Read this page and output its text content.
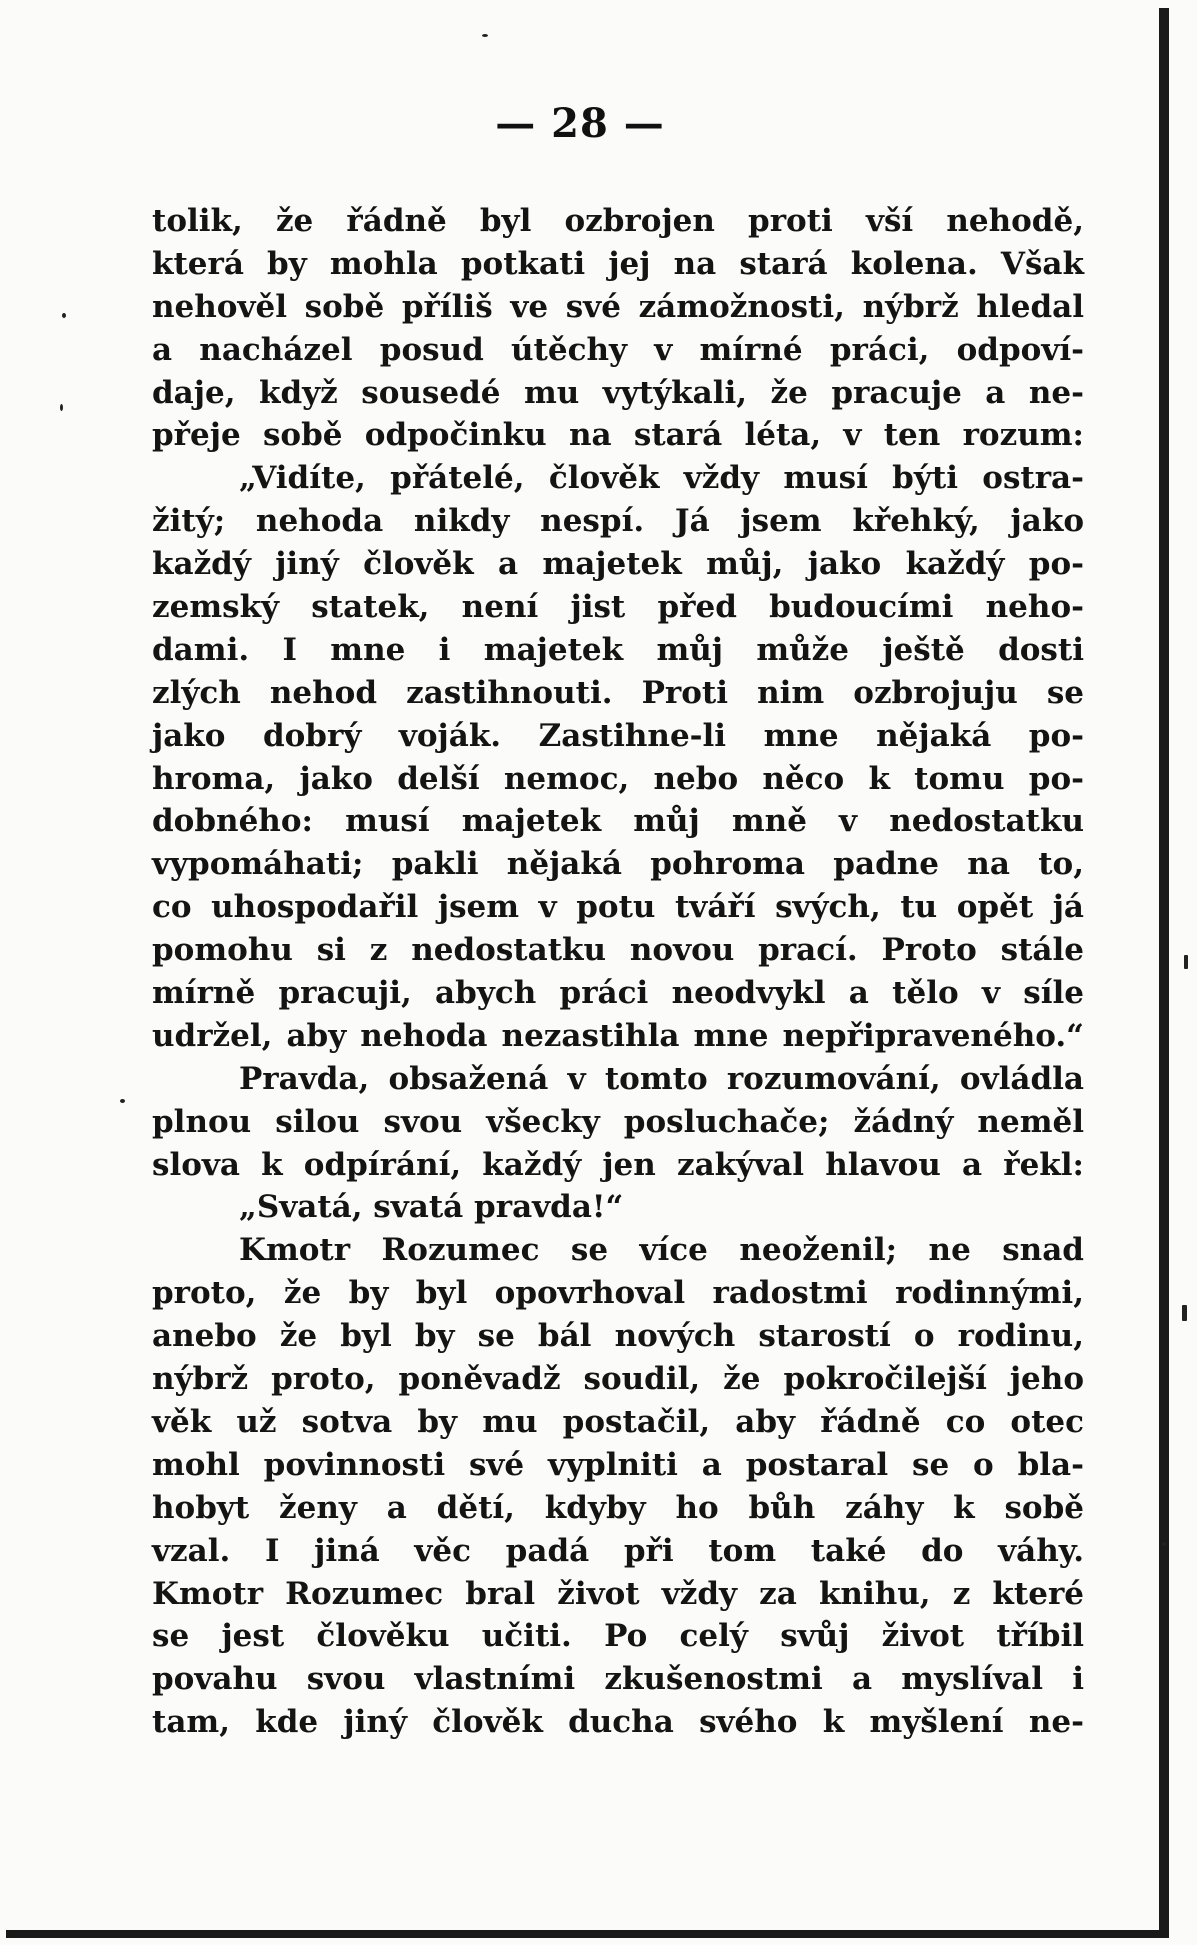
— 28 —
tolik, že řádně byl ozbrojen proti vší nehodě,
která by mohla potkati jej na stará kolena. Však
nehověl sobě příliš ve své zámožnosti, nýbrž hledal
a nacházel posud útěchy v mírné práci, odpoví-
daje, když sousedé mu vytýkali, že pracuje a ne-
přeje sobě odpočinku na stará léta, v ten rozum:
„Vidíte, přátelé, člověk vždy musí býti ostra-
žitý; nehoda nikdy nespí. Já jsem křehký, jako
každý jiný člověk a majetek můj, jako každý po-
zemský statek, není jist před budoucími neho-
dami. I mne i majetek můj může ještě dosti
zlých nehod zastihnouti. Proti nim ozbrojuju se
jako dobrý voják. Zastihne-li mne nějaká po-
hroma, jako delší nemoc, nebo něco k tomu po-
dobného: musí majetek můj mně v nedostatku
vypomáhati; pakli nějaká pohroma padne na to,
co uhospodařil jsem v potu tváří svých, tu opět já
pomohu si z nedostatku novou prací. Proto stále
mírně pracuji, abych práci neodvykl a tělo v síle
udržel, aby nehoda nezastihla mne nepřipraveného.“
Pravda, obsažená v tomto rozumování, ovládla
plnou silou svou všecky posluchače; žádný neměl
slova k odpírání, každý jen zakýval hlavou a řekl:
„Svatá, svatá pravda!“
Kmotr Rozumec se více neoženil; ne snad
proto, že by byl opovrhoval radostmi rodinnými,
anebo že byl by se bál nových starostí o rodinu,
nýbrž proto, poněvadž soudil, že pokročilejší jeho
věk už sotva by mu postačil, aby řádně co otec
mohl povinnosti své vyplniti a postaral se o bla-
hobyt ženy a dětí, kdyby ho bůh záhy k sobě
vzal. I jiná věc padá při tom také do váhy.
Kmotr Rozumec bral život vždy za knihu, z které
se jest člověku učiti. Po celý svůj život tříbil
povahu svou vlastními zkušenostmi a myslíval i
tam, kde jiný člověk ducha svého k myšlení ne-
